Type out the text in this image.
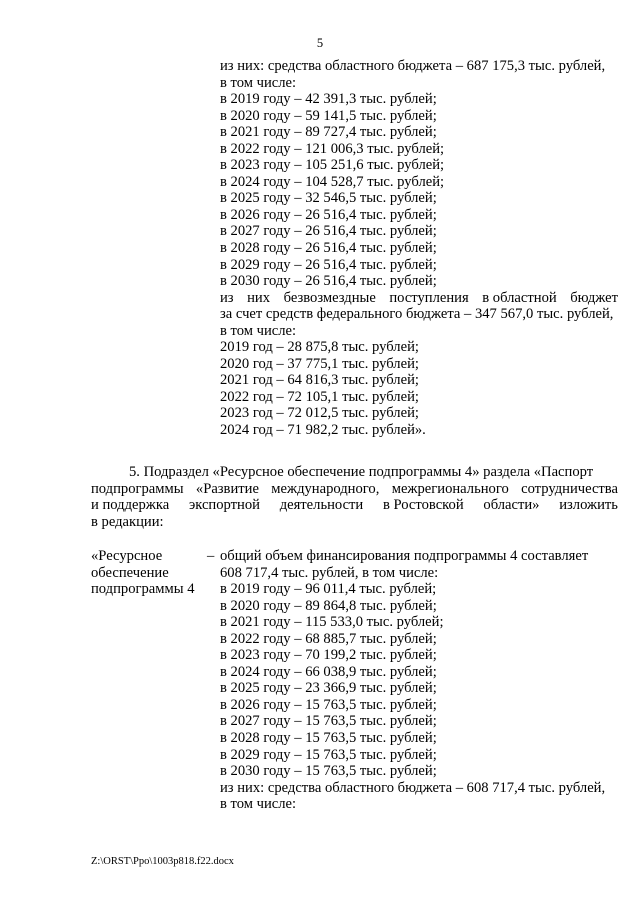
5
из них: средства областного бюджета – 687 175,3 тыс. рублей,
в том числе:
в 2019 году – 42 391,3 тыс. рублей;
в 2020 году – 59 141,5 тыс. рублей;
в 2021 году – 89 727,4 тыс. рублей;
в 2022 году – 121 006,3 тыс. рублей;
в 2023 году – 105 251,6 тыс. рублей;
в 2024 году – 104 528,7 тыс. рублей;
в 2025 году – 32 546,5 тыс. рублей;
в 2026 году – 26 516,4 тыс. рублей;
в 2027 году – 26 516,4 тыс. рублей;
в 2028 году – 26 516,4 тыс. рублей;
в 2029 году – 26 516,4 тыс. рублей;
в 2030 году – 26 516,4 тыс. рублей;
из них безвозмездные поступления в областной бюджет
за счет средств федерального бюджета – 347 567,0 тыс. рублей,
в том числе:
2019 год – 28 875,8 тыс. рублей;
2020 год – 37 775,1 тыс. рублей;
2021 год – 64 816,3 тыс. рублей;
2022 год – 72 105,1 тыс. рублей;
2023 год – 72 012,5 тыс. рублей;
2024 год – 71 982,2 тыс. рублей».
5. Подраздел «Ресурсное обеспечение подпрограммы 4» раздела «Паспорт
подпрограммы «Развитие международного, межрегионального сотрудничества
и поддержка экспортной деятельности в Ростовской области» изложить
в редакции:
«Ресурсное
обеспечение
подпрограммы 4
– общий объем финансирования подпрограммы 4 составляет
608 717,4 тыс. рублей, в том числе:
в 2019 году – 96 011,4 тыс. рублей;
в 2020 году – 89 864,8 тыс. рублей;
в 2021 году – 115 533,0 тыс. рублей;
в 2022 году – 68 885,7 тыс. рублей;
в 2023 году – 70 199,2 тыс. рублей;
в 2024 году – 66 038,9 тыс. рублей;
в 2025 году – 23 366,9 тыс. рублей;
в 2026 году – 15 763,5 тыс. рублей;
в 2027 году – 15 763,5 тыс. рублей;
в 2028 году – 15 763,5 тыс. рублей;
в 2029 году – 15 763,5 тыс. рублей;
в 2030 году – 15 763,5 тыс. рублей;
из них: средства областного бюджета – 608 717,4 тыс. рублей,
в том числе:
Z:\ORST\Ppo\1003p818.f22.docx
